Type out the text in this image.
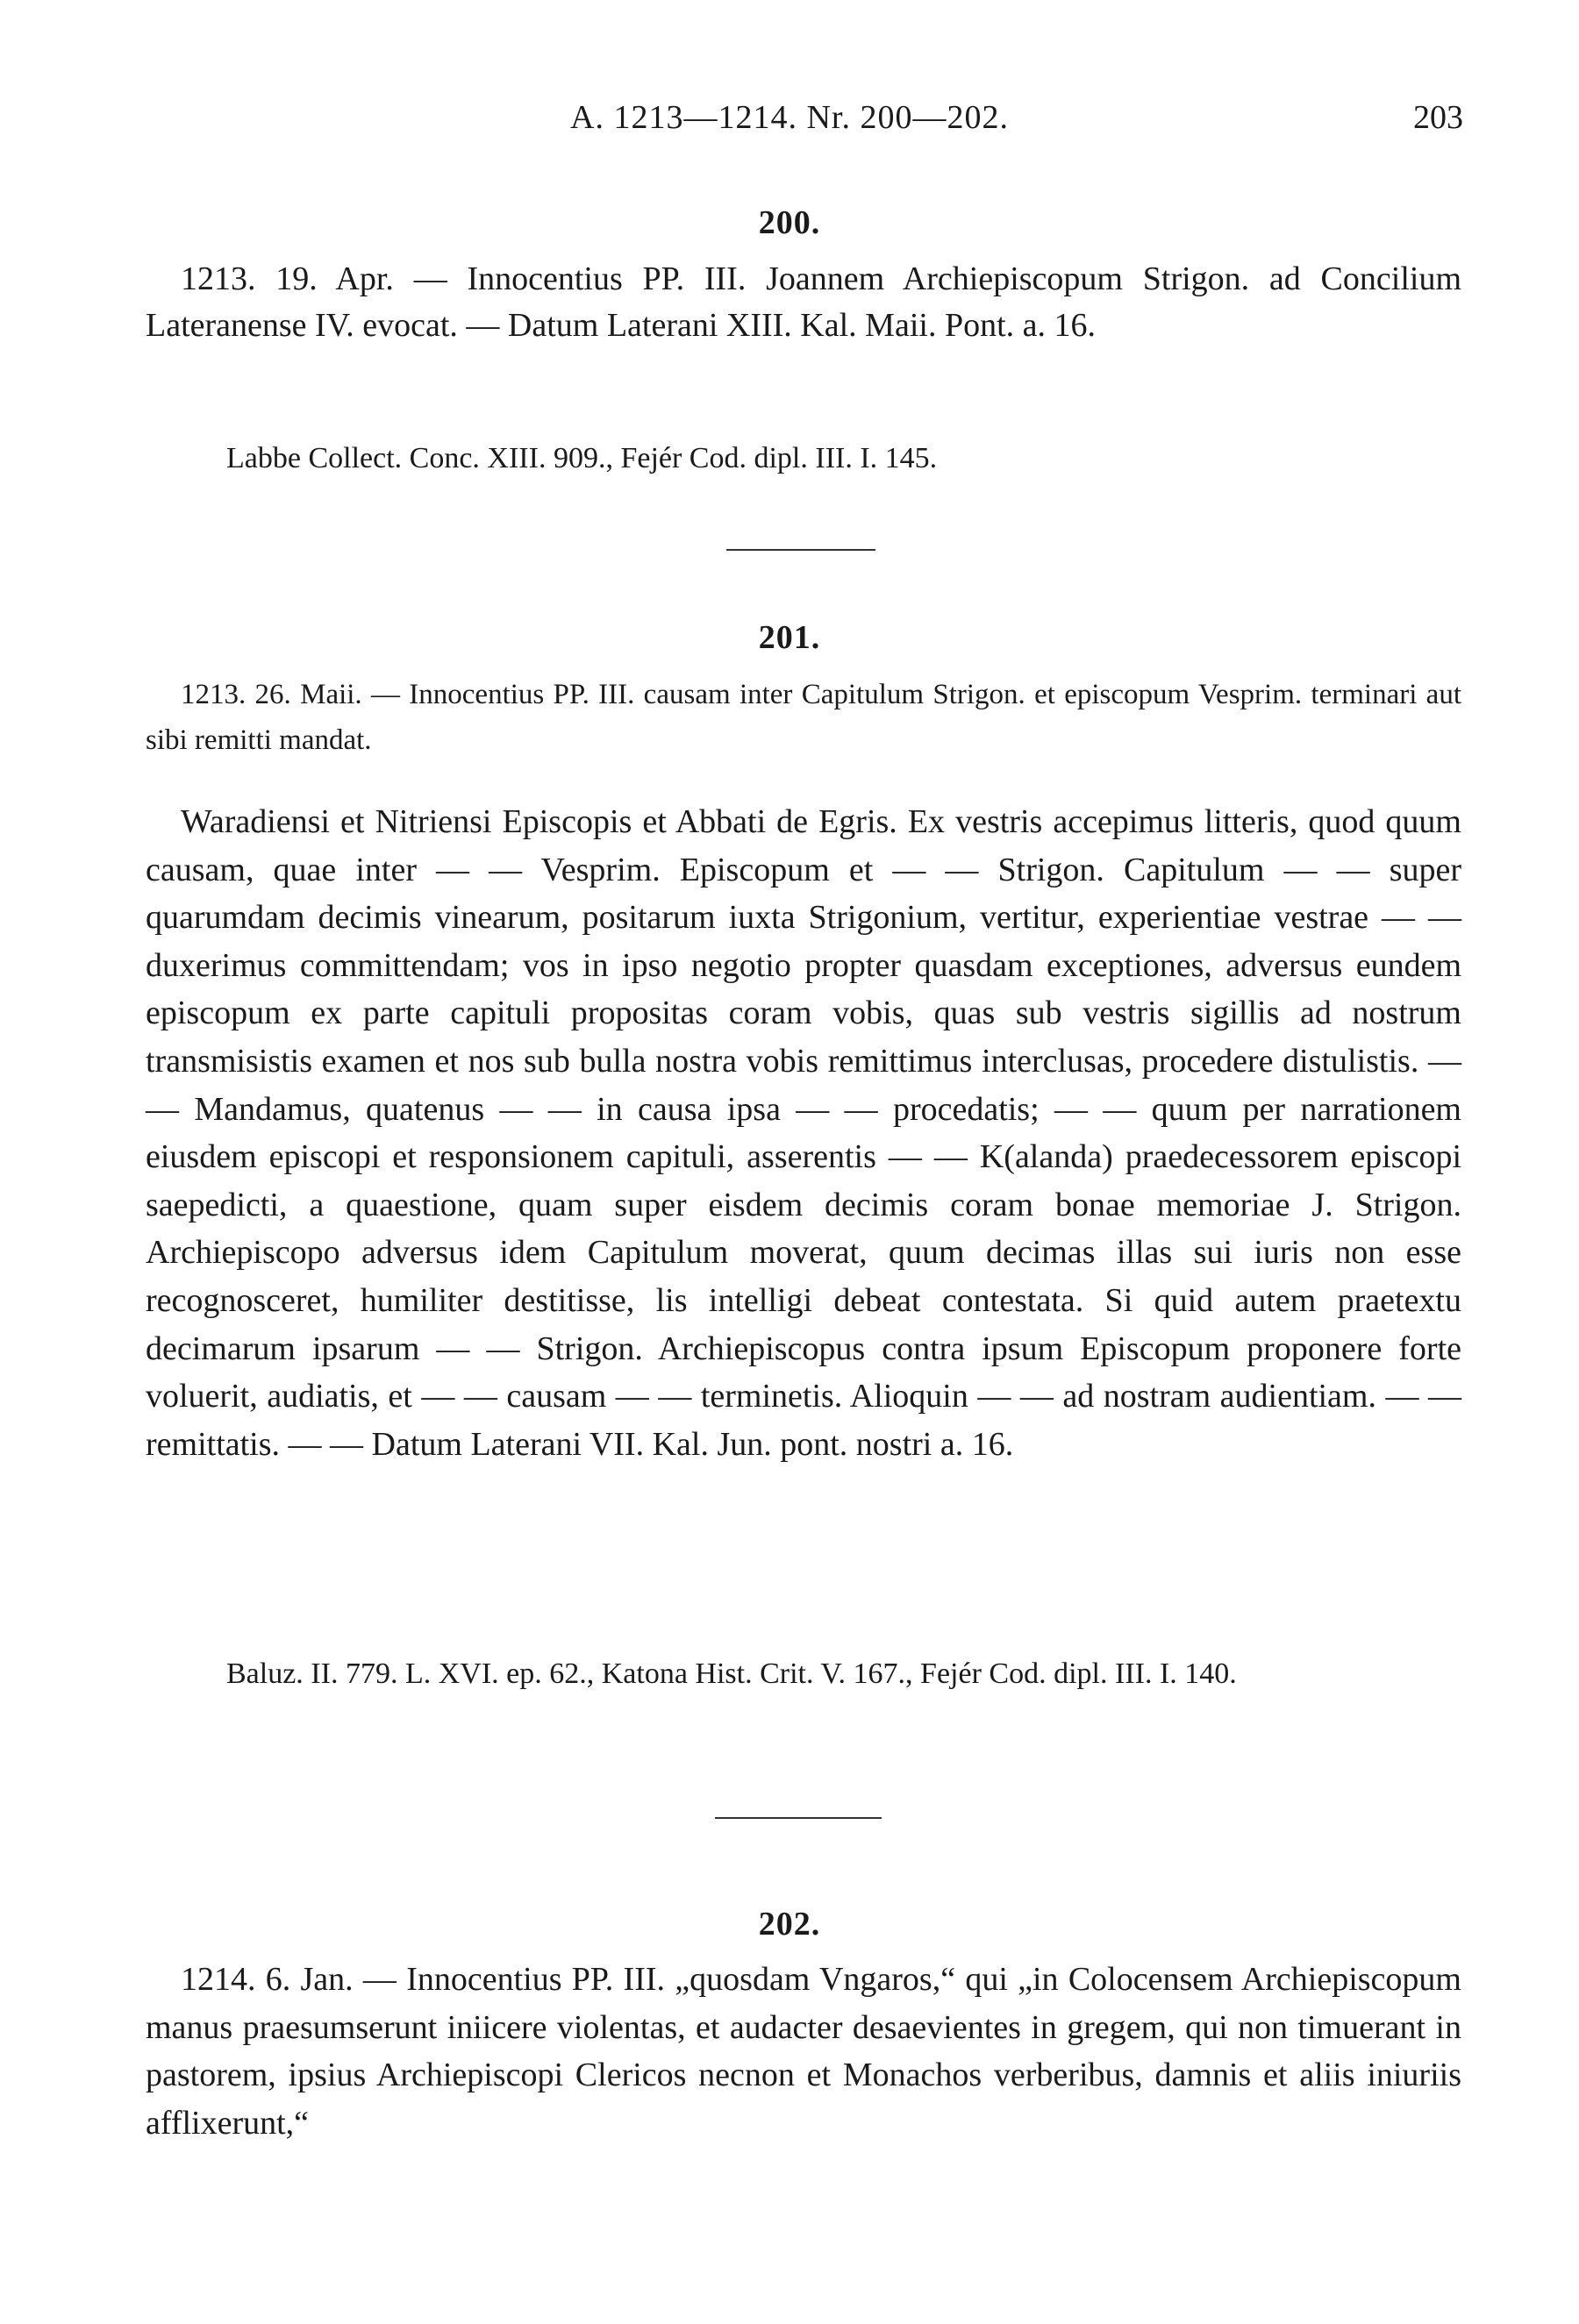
A. 1213—1214. Nr. 200—202.	203
200.

1213. 19. Apr. — Innocentius PP. III. Joannem Archiepiscopum Strigon. ad Concilium Lateranense IV. evocat. — Datum Laterani XIII. Kal. Maii. Pont. a. 16.

Labbe Collect. Conc. XIII. 909., Fejér Cod. dipl. III. I. 145.

201.

1213. 26. Maii. — Innocentius PP. III. causam inter Capitulum Strigon. et episcopum Vesprim. terminari aut sibi remitti mandat.

Waradiensi et Nitriensi Episcopis et Abbati de Egris. Ex vestris accepimus litteris, quod quum causam, quae inter — — Vesprim. Episcopum et — — Strigon. Capitulum — — super quarumdam decimis vinearum, positarum iuxta Strigonium, vertitur, experientiae vestrae — — duxerimus committendam; vos in ipso negotio propter quasdam exceptiones, adversus eundem episcopum ex parte capituli propositas coram vobis, quas sub vestris sigillis ad nostrum transmisistis examen et nos sub bulla nostra vobis remittimus interclusas, procedere distulistis. — — Mandamus, quatenus — — in causa ipsa — — procedatis; — — quum per narrationem eiusdem episcopi et responsionem capituli, asserentis — — K(alanda) praedecessorem episcopi saepedicti, a quaestione, quam super eisdem decimis coram bonae memoriae J. Strigon. Archiepiscopo adversus idem Capitulum moverat, quum decimas illas sui iuris non esse recognosceret, humiliter destitisse, lis intelligi debeat contestata. Si quid autem praetextu decimarum ipsarum — — Strigon. Archiepiscopus contra ipsum Episcopum proponere forte voluerit, audiatis, et — — causam — — terminetis. Alioquin — — ad nostram audientiam. — — remittatis. — — Datum Laterani VII. Kal. Jun. pont. nostri a. 16.

Baluz. II. 779. L. XVI. ep. 62., Katona Hist. Crit. V. 167., Fejér Cod. dipl. III. I. 140.

202.

1214. 6. Jan. — Innocentius PP. III. „quosdam Vngaros,“ qui „in Colocensem Archiepiscopum manus praesumserunt iniicere violentas, et audacter desaevientes in gregem, qui non timuerant in pastorem, ipsius Archiepiscopi Clericos necnon et Monachos verberibus, damnis et aliis iniuriis afflixerunt,“
